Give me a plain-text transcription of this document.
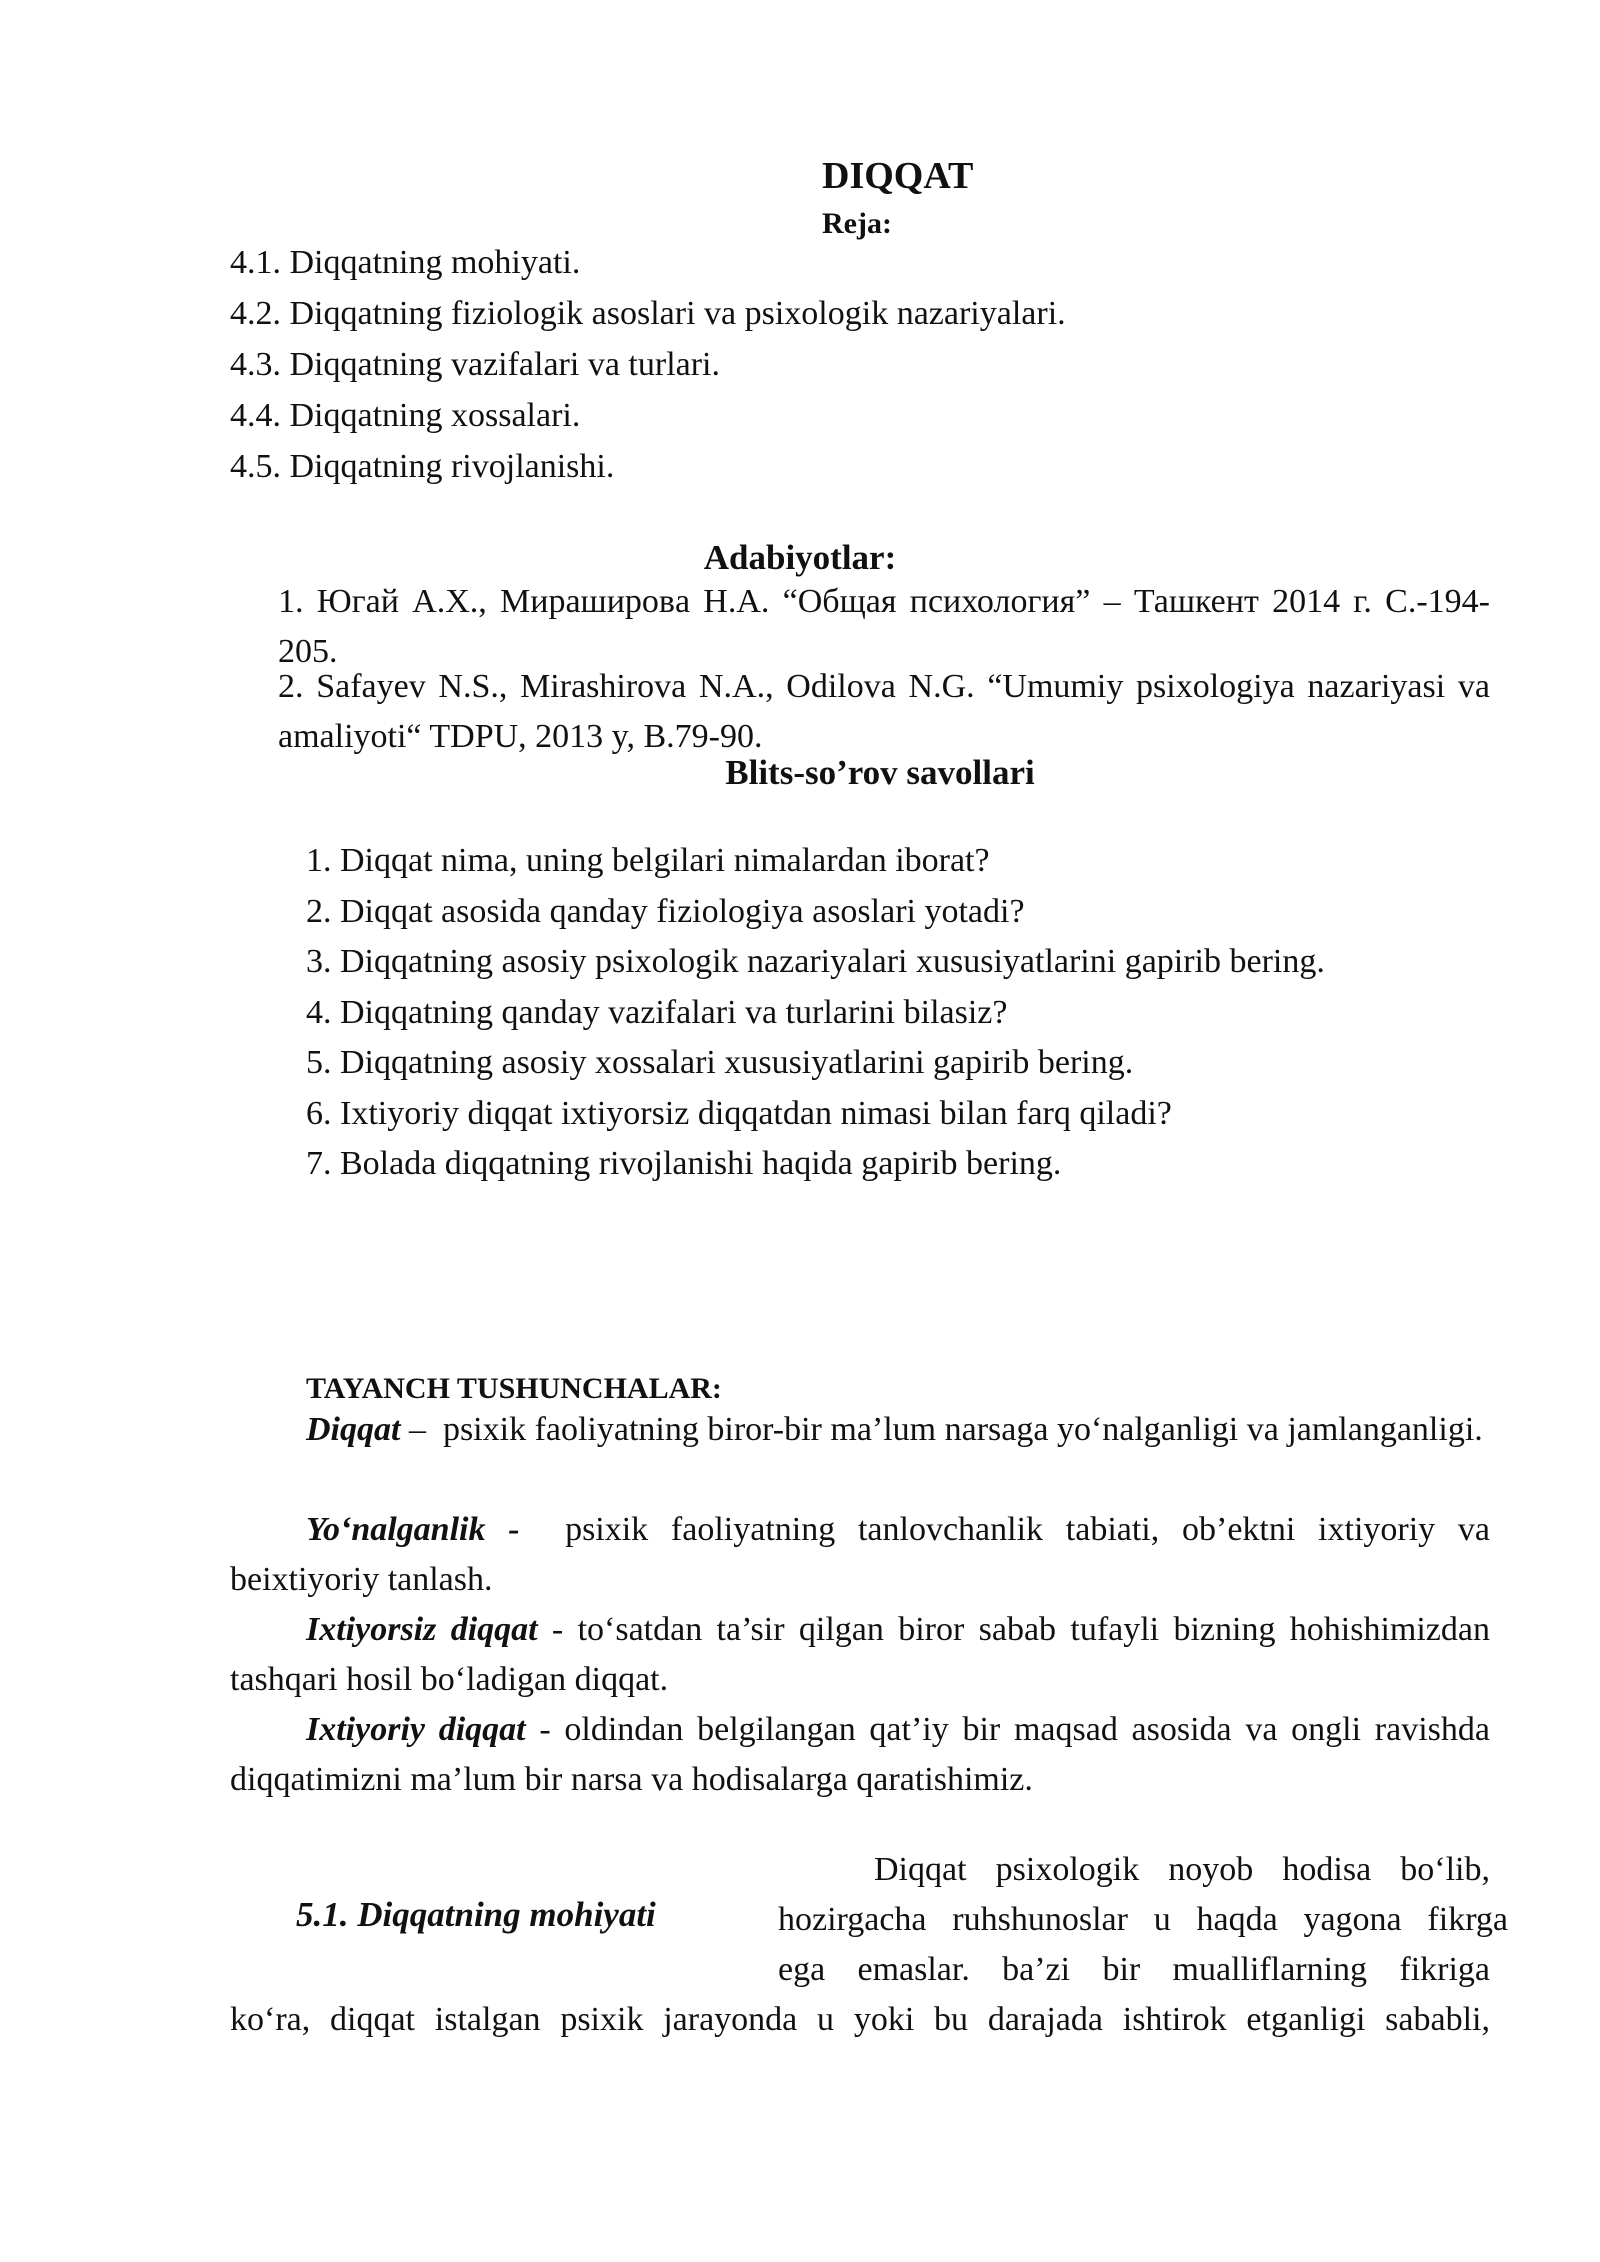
DIQQAT
Reja:
4.1. Diqqatning mohiyati.
4.2. Diqqatning fiziologik asoslari va psixologik nazariyalari.
4.3. Diqqatning vazifalari va turlari.
4.4. Diqqatning xossalari.
4.5. Diqqatning rivojlanishi.
Adabiyotlar:
1. Югай А.Х., Мирашировa Н.А. “Общая психология” – Ташкент 2014 г. С.-194-205.
2. Safayev N.S., Mirashirova N.A., Odilova N.G. “Umumiy psixologiya nazariyasi va amaliyoti“ TDPU, 2013 y, B.79-90.
Blits-so’rov savollari
1. Diqqat nima, uning belgilari nimalardan iborat?
2. Diqqat asosida qanday fiziologiya asoslari yotadi?
3. Diqqatning asosiy psixologik nazariyalari xususiyatlarini gapirib bering.
4. Diqqatning qanday vazifalari va turlarini bilasiz?
5. Diqqatning asosiy xossalari xususiyatlarini gapirib bering.
6. Ixtiyoriy diqqat ixtiyorsiz diqqatdan nimasi bilan farq qiladi?
7. Bolada diqqatning rivojlanishi haqida gapirib bering.
TAYANCH TUSHUNCHALAR:
Diqqat –  psixik faoliyatning biror-bir ma’lum narsaga yo‘nalganligi va jamlanganligi.
Yo‘nalganlik - psixik faoliyatning tanlovchanlik tabiati, ob’ektni ixtiyoriy va beixtiyoriy tanlash.
Ixtiyorsiz diqqat - to‘satdan ta’sir qilgan biror sabab tufayli bizning hohishimizdan tashqari hosil bo‘ladigan diqqat.
Ixtiyoriy diqqat - oldindan belgilangan qat’iy bir maqsad asosida va ongli ravishda diqqatimizni ma’lum bir narsa va hodisalarga qaratishimiz.
5.1. Diqqatning mohiyati
Diqqat psixologik noyob hodisa bo‘lib,
hozirgacha ruhshunoslar u haqda yagona fikrga
ega emaslar. ba’zi bir mualliflarning fikriga
ko‘ra, diqqat istalgan psixik jarayonda u yoki bu darajada ishtirok etganligi sababli,
